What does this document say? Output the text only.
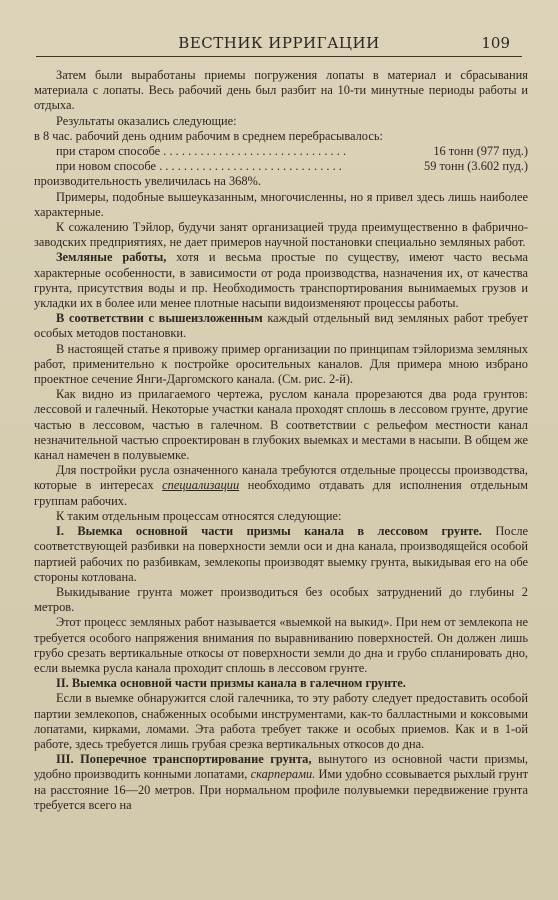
ВЕСТНИК ИРРИГАЦИИ	109

Затем были выработаны приемы погружения лопаты в материал и сбрасывания материала с лопаты. Весь рабочий день был разбит на 10-ти минутные периоды работы и отдыха.

Результаты оказались следующие:

в 8 час. рабочий день одним рабочим в среднем перебрасывалось:

при старом способе . . .	16 тонн (977 пуд.)
при новом способе . . .	59 тонн (3.602 пуд.)

производительность увеличилась на 368%.

Примеры, подобные вышеуказанным, многочисленны, но я привел здесь лишь наиболее характерные.

К сожалению Тэйлор, будучи занят организацией труда преимущественно в фабрично-заводских предприятиях, не дает примеров научной постановки специально земляных работ.

Земляные работы, хотя и весьма простые по существу, имеют часто весьма характерные особенности, в зависимости от рода производства, назначения их, от качества грунта, присутствия воды и пр. Необходимость транспортирования вынимаемых грузов и укладки их в более или менее плотные насыпи видоизменяют процессы работы.

В соответствии с вышеизложенным каждый отдельный вид земляных работ требует особых методов постановки.

В настоящей статье я привожу пример организации по принципам тэйлоризма земляных работ, применительно к постройке оросительных каналов. Для примера мною избрано проектное сечение Янги-Даргомского канала. (См. рис. 2-й).

Как видно из прилагаемого чертежа, руслом канала прорезаются два рода грунтов: лессовой и галечный. Некоторые участки канала проходят сплошь в лессовом грунте, другие частью в лессовом, частью в галечном. В соответствии с рельефом местности канал незначительной частью спроектирован в глубоких выемках и местами в насыпи. В общем же канал намечен в полувыемке.

Для постройки русла означенного канала требуются отдельные процессы производства, которые в интересах специализации необходимо отдавать для исполнения отдельным группам рабочих.

К таким отдельным процессам относятся следующие:

I. Выемка основной части призмы канала в лессовом грунте. После соответствующей разбивки на поверхности земли оси и дна канала, производящейся особой партией рабочих по разбивкам, землекопы производят выемку грунта, выкидывая его на обе стороны котлована.

Выкидывание грунта может производиться без особых затруднений до глубины 2 метров.

Этот процесс земляных работ называется «выемкой на выкид». При нем от землекопа не требуется особого напряжения внимания по выравниванию поверхностей. Он должен лишь грубо срезать вертикальные откосы от поверхности земли до дна и грубо спланировать дно, если выемка русла канала проходит сплошь в лессовом грунте.

II. Выемка основной части призмы канала в галечном грунте.

Если в выемке обнаружится слой галечника, то эту работу следует предоставить особой партии землекопов, снабженных особыми инструментами, как-то балластными и коксовыми лопатами, кирками, ломами. Эта работа требует также и особых приемов. Как и в 1-ой работе, здесь требуется лишь грубая срезка вертикальных откосов до дна.

III. Поперечное транспортирование грунта, вынутого из основной части призмы, удобно производить конными лопатами, скарперами. Ими удобно ссовывается рыхлый грунт на расстояние 16—20 метров. При нормальном профиле полувыемки передвижение грунта требуется всего на
